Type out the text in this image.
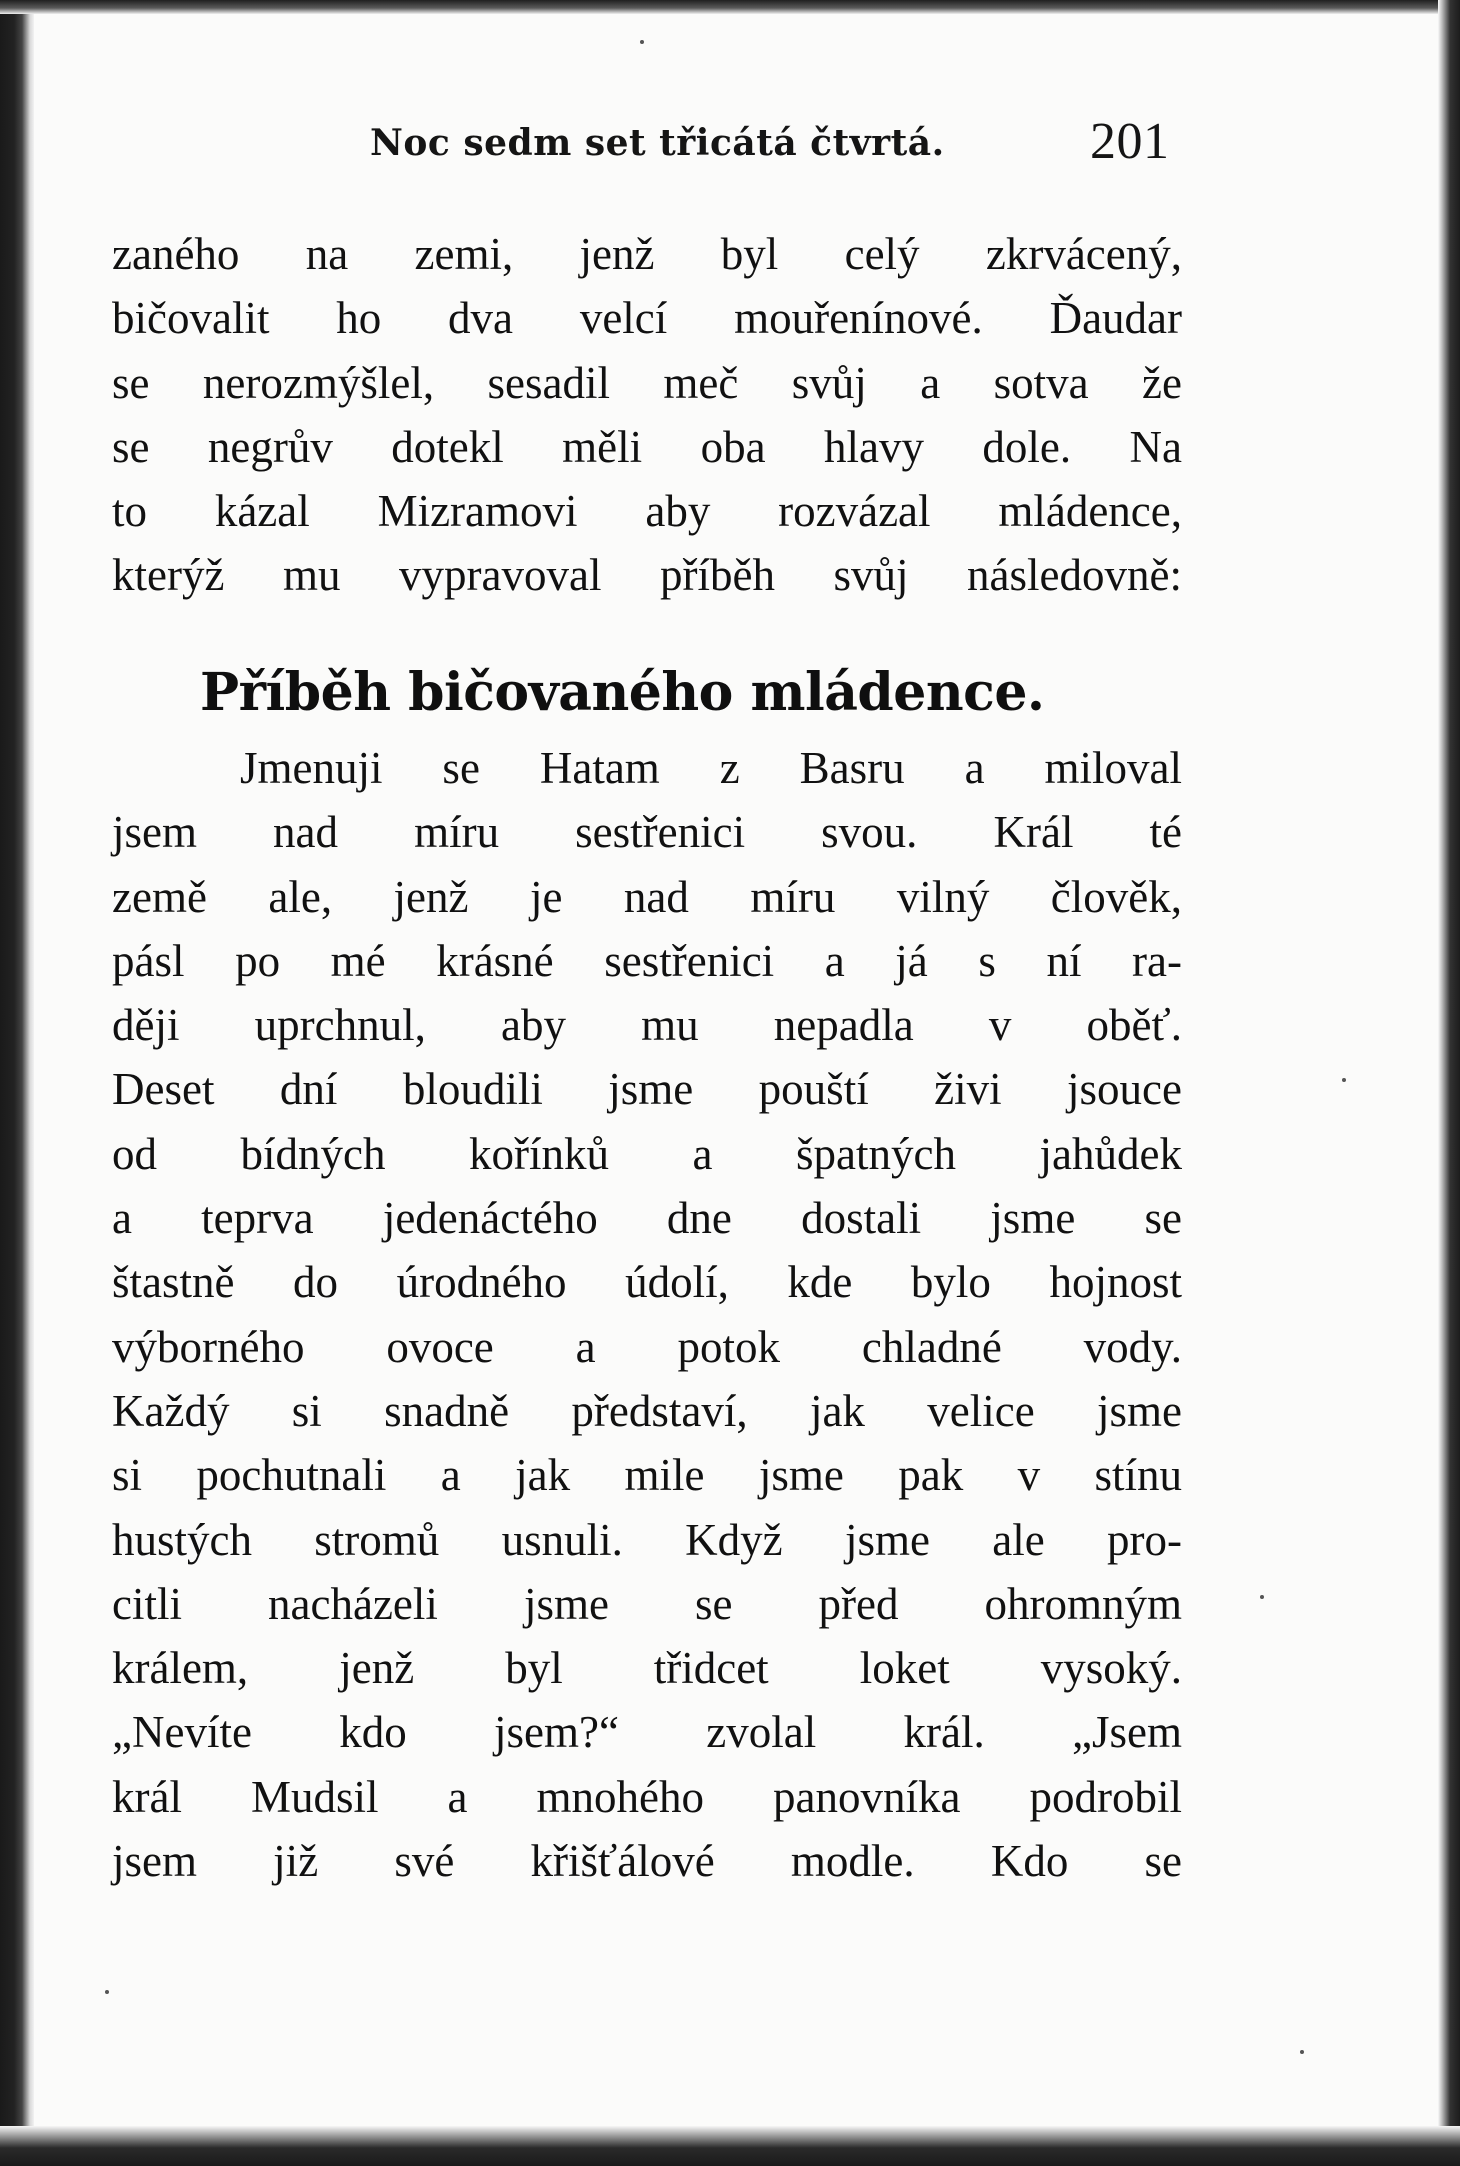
Noc sedm set třicátá čtvrtá.	201
zaného na zemi, jenž byl celý zkrvácený,
bičovalit ho dva velcí mouřenínové. Ďaudar
se nerozmýšlel, sesadil meč svůj a sotva že
se negrův dotekl měli oba hlavy dole. Na
to kázal Mizramovi aby rozvázal mládence,
kterýž mu vypravoval příběh svůj následovně:
Příběh bičovaného mládence.
Jmenuji se Hatam z Basru a miloval
jsem nad míru sestřenici svou. Král té
země ale, jenž je nad míru vilný člověk,
pásl po mé krásné sestřenici a já s ní ra-
ději uprchnul, aby mu nepadla v oběť.
Deset dní bloudili jsme pouští živi jsouce
od bídných kořínků a špatných jahůdek
a teprva jedenáctého dne dostali jsme se
štastně do úrodného údolí, kde bylo hojnost
výborného ovoce a potok chladné vody.
Každý si snadně představí, jak velice jsme
si pochutnali a jak mile jsme pak v stínu
hustých stromů usnuli. Když jsme ale pro-
citli nacházeli jsme se před ohromným
králem, jenž byl třidcet loket vysoký.
„Nevíte kdo jsem?“ zvolal král. „Jsem
král Mudsil a mnohého panovníka podrobil
jsem již své křišťálové modle. Kdo se
